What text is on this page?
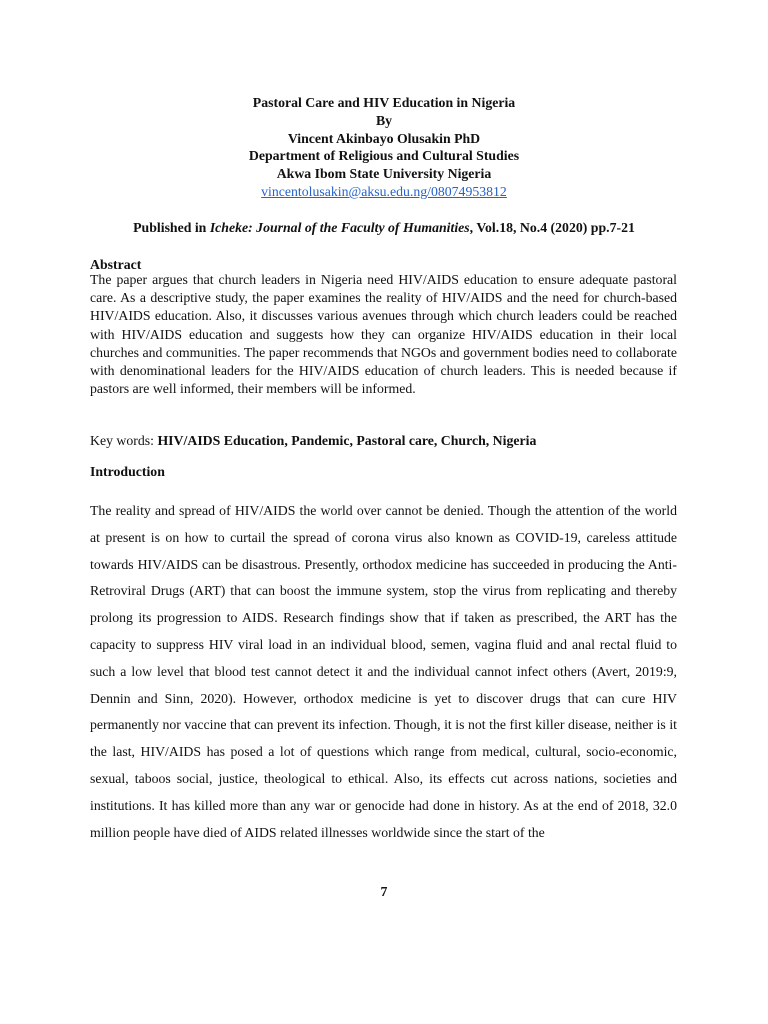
Pastoral Care and HIV Education in Nigeria
By
Vincent Akinbayo Olusakin PhD
Department of Religious and Cultural Studies
Akwa Ibom State University Nigeria
vincentolusakin@aksu.edu.ng/08074953812
Published in Icheke: Journal of the Faculty of Humanities, Vol.18, No.4 (2020) pp.7-21
Abstract
The paper argues that church leaders in Nigeria need HIV/AIDS education to ensure adequate pastoral care. As a descriptive study, the paper examines the reality of HIV/AIDS and the need for church-based HIV/AIDS education. Also, it discusses various avenues through which church leaders could be reached with HIV/AIDS education and suggests how they can organize HIV/AIDS education in their local churches and communities. The paper recommends that NGOs and government bodies need to collaborate with denominational leaders for the HIV/AIDS education of church leaders. This is needed because if pastors are well informed, their members will be informed.
Key words: HIV/AIDS Education, Pandemic, Pastoral care, Church, Nigeria
Introduction
The reality and spread of HIV/AIDS the world over cannot be denied. Though the attention of the world at present is on how to curtail the spread of corona virus also known as COVID-19, careless attitude towards HIV/AIDS can be disastrous. Presently, orthodox medicine has succeeded in producing the Anti- Retroviral Drugs (ART) that can boost the immune system, stop the virus from replicating and thereby prolong its progression to AIDS. Research findings show that if taken as prescribed, the ART has the capacity to suppress HIV viral load in an individual blood, semen, vagina fluid and anal rectal fluid to such a low level that blood test cannot detect it and the individual cannot infect others (Avert, 2019:9, Dennin and Sinn, 2020). However, orthodox medicine is yet to discover drugs that can cure HIV permanently nor vaccine that can prevent its infection. Though, it is not the first killer disease, neither is it the last, HIV/AIDS has posed a lot of questions which range from medical, cultural, socio-economic, sexual, taboos social, justice, theological to ethical. Also, its effects cut across nations, societies and institutions. It has killed more than any war or genocide had done in history. As at the end of 2018, 32.0 million people have died of AIDS related illnesses worldwide since the start of the
7
